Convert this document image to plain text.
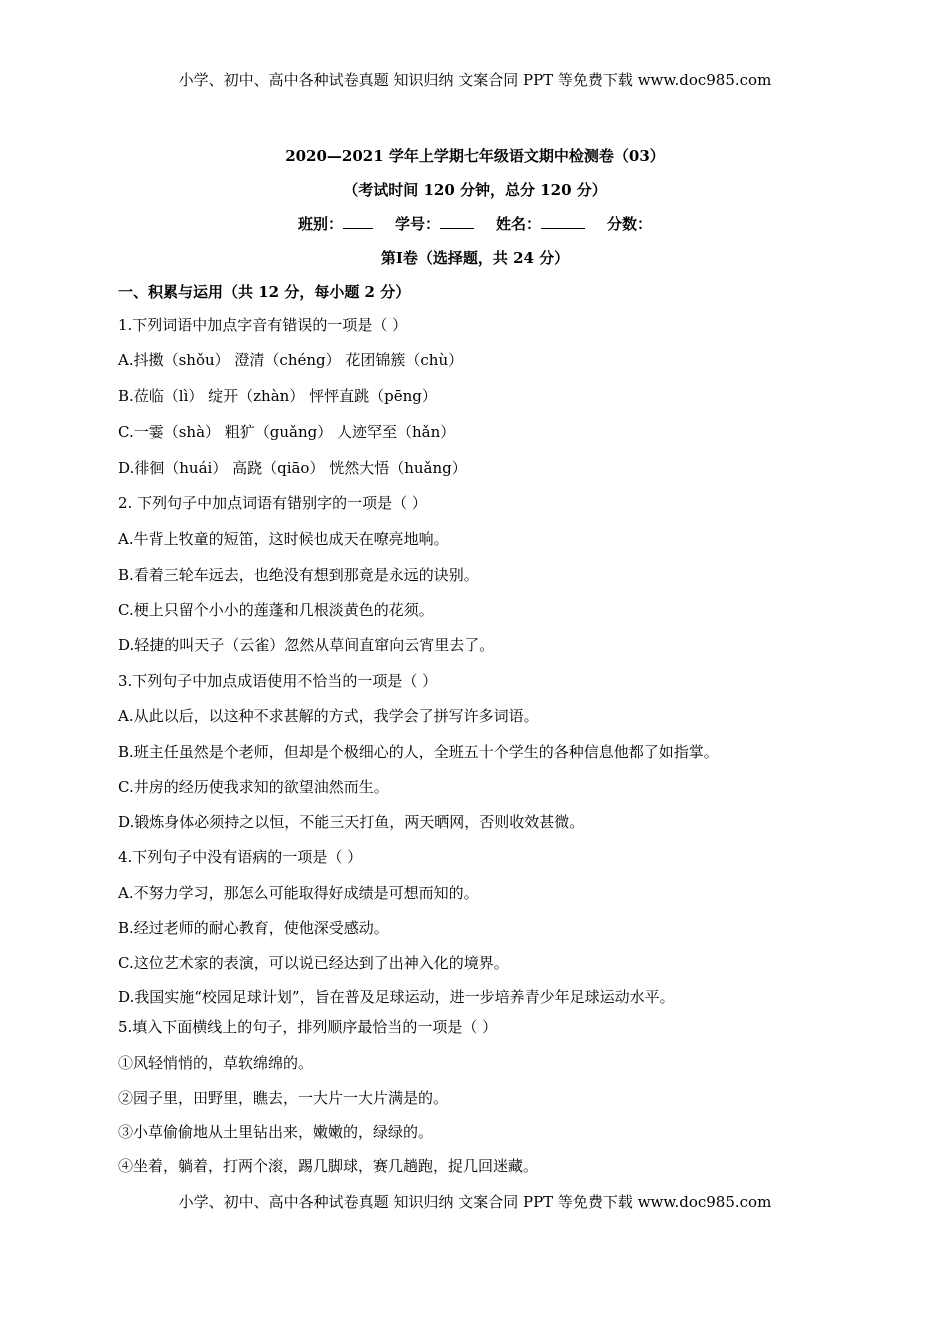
小学、初中、高中各种试卷真题 知识归纳 文案合同 PPT 等免费下载 www.doc985.com
2020—2021 学年上学期七年级语文期中检测卷（03）
（考试时间 120 分钟，总分 120 分）
班别：	学号：	姓名：	分数：
第Ⅰ卷（选择题，共 24 分）
一、积累与运用（共 12 分，每小题 2 分）
1.下列词语中加点字音有错误的一项是（ ）
A.抖擞（shǒu） 澄清（chéng） 花团锦簇（chù）
B.莅临（lì） 绽开（zhàn） 怦怦直跳（pēng）
C.一霎（shà） 粗犷（guǎng） 人迹罕至（hǎn）
D.徘徊（huái） 高跷（qiāo） 恍然大悟（huǎng）
2. 下列句子中加点词语有错别字的一项是（ ）
A.牛背上牧童的短笛，这时候也成天在嘹亮地响。
B.看着三轮车远去，也绝没有想到那竟是永远的诀别。
C.梗上只留个小小的莲蓬和几根淡黄色的花须。
D.轻捷的叫天子（云雀）忽然从草间直窜向云宵里去了。
3.下列句子中加点成语使用不恰当的一项是（ ）
A.从此以后，以这种不求甚解的方式，我学会了拼写许多词语。
B.班主任虽然是个老师，但却是个极细心的人，全班五十个学生的各种信息他都了如指掌。
C.井房的经历使我求知的欲望油然而生。
D.锻炼身体必须持之以恒，不能三天打鱼，两天晒网，否则收效甚微。
4.下列句子中没有语病的一项是（ ）
A.不努力学习，那怎么可能取得好成绩是可想而知的。
B.经过老师的耐心教育，使他深受感动。
C.这位艺术家的表演，可以说已经达到了出神入化的境界。
D.我国实施“校园足球计划”，旨在普及足球运动，进一步培养青少年足球运动水平。
5.填入下面横线上的句子，排列顺序最恰当的一项是（ ）
①风轻悄悄的，草软绵绵的。
②园子里，田野里，瞧去，一大片一大片满是的。
③小草偷偷地从土里钻出来，嫩嫩的，绿绿的。
④坐着，躺着，打两个滚，踢几脚球，赛几趟跑，捉几回迷藏。
小学、初中、高中各种试卷真题 知识归纳 文案合同 PPT 等免费下载 www.doc985.com
